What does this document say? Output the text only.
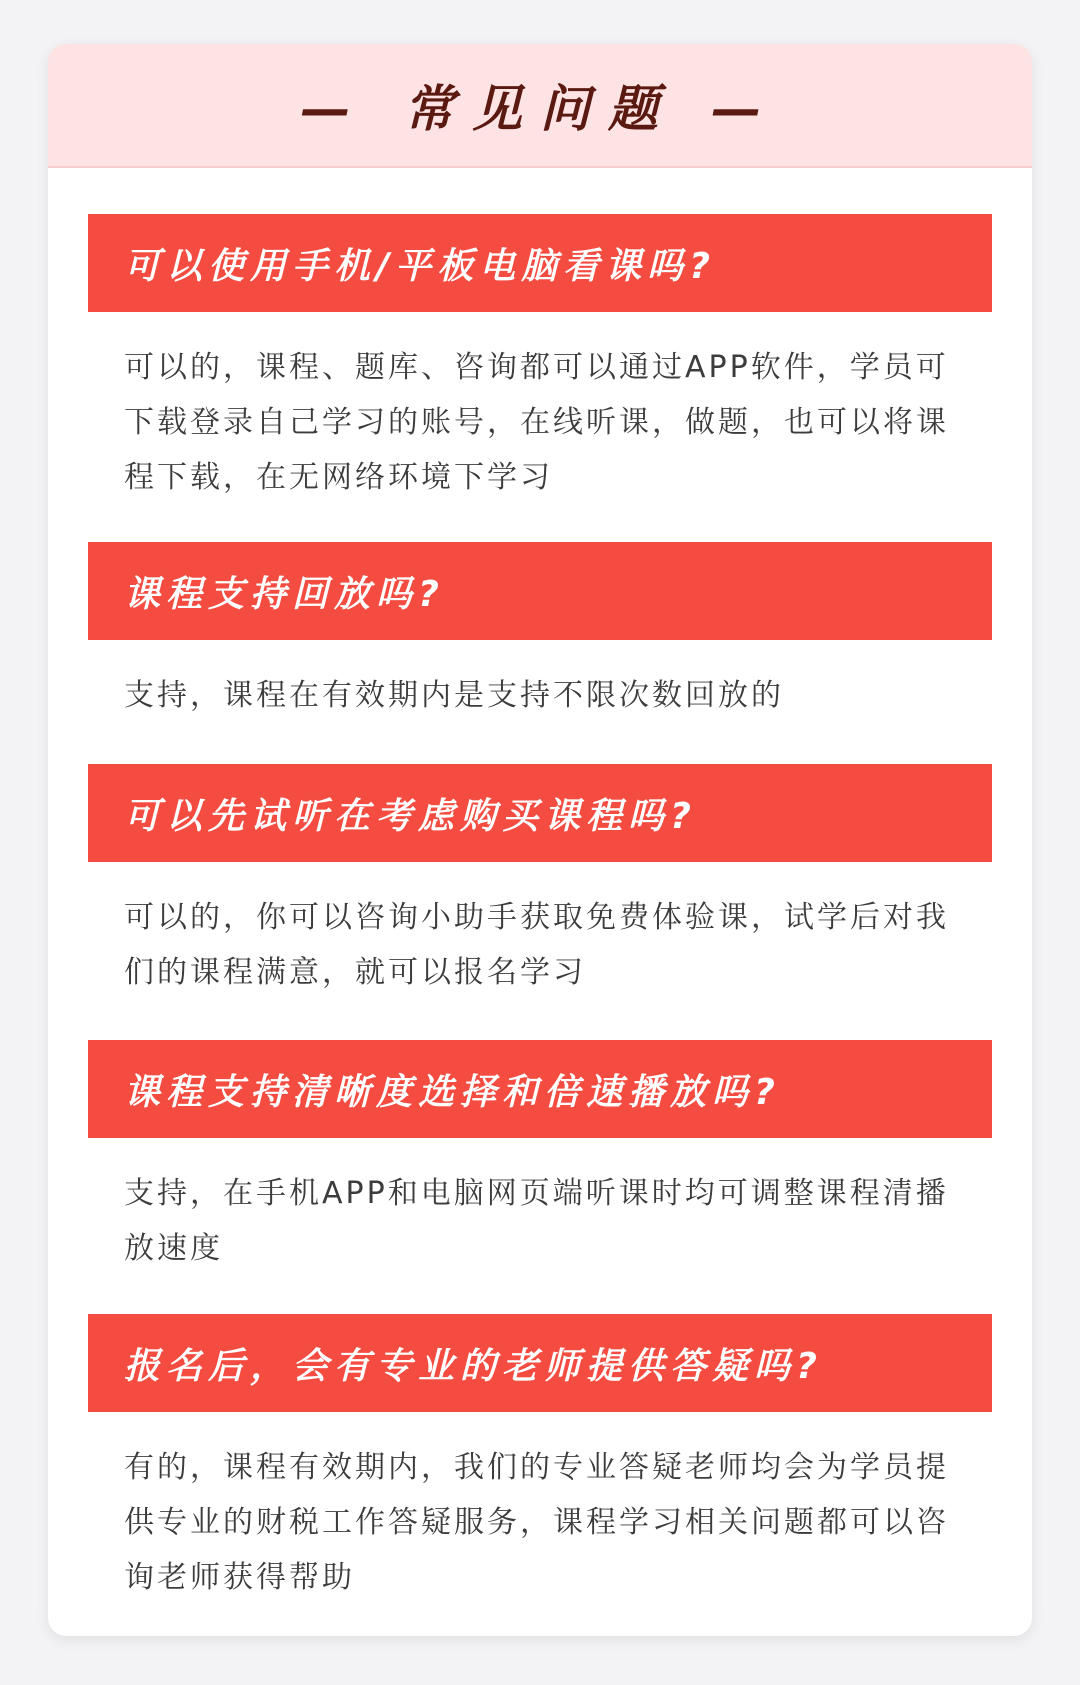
— 常见问题 —
可以使用手机/平板电脑看课吗?
可以的，课程、题库、咨询都可以通过APP软件，学员可下载登录自己学习的账号，在线听课，做题，也可以将课程下载，在无网络环境下学习
课程支持回放吗?
支持，课程在有效期内是支持不限次数回放的
可以先试听在考虑购买课程吗?
可以的，你可以咨询小助手获取免费体验课，试学后对我们的课程满意，就可以报名学习
课程支持清晰度选择和倍速播放吗?
支持，在手机APP和电脑网页端听课时均可调整课程清播放速度
报名后，会有专业的老师提供答疑吗?
有的，课程有效期内，我们的专业答疑老师均会为学员提供专业的财税工作答疑服务，课程学习相关问题都可以咨询老师获得帮助
